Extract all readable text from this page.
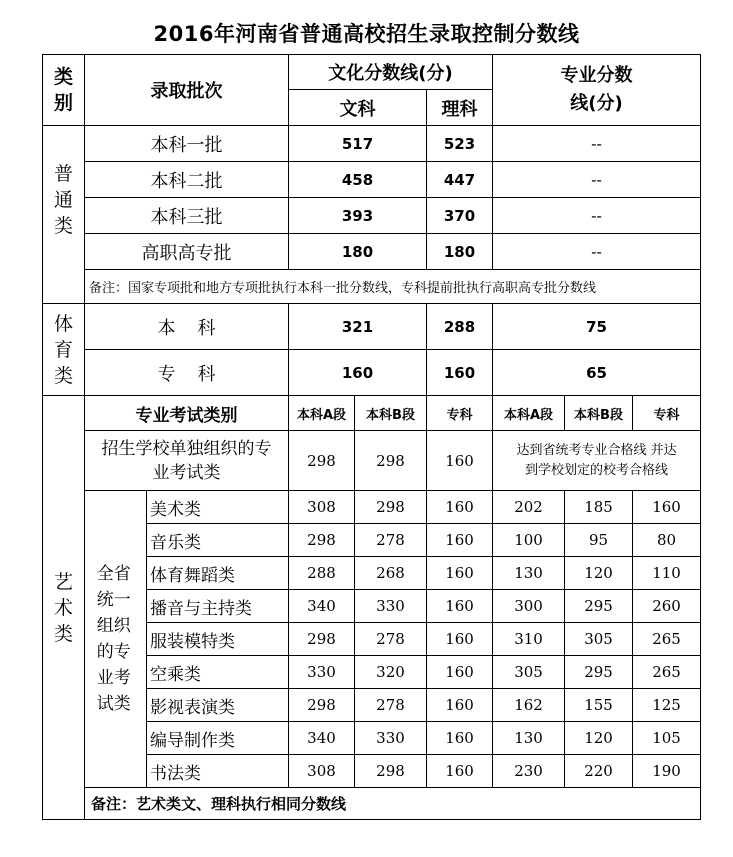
2016年河南省普通高校招生录取控制分数线
类别	录取批次		文化分数线(分)			专业分数线(分)		
			文科		理科			

普通类	本科一批		517		523	--		
	本科二批		458		447	--		
	本科三批		393		370	--		
	高职高专批		180		180	--		
	备注：国家专项批和地方专项批执行本科一批分数线，专科提前批执行高职高专批分数线							

体育类	本科		321		288	75		
	专科		160		160	65		

艺术类	专业考试类别		本科A段	本科B段	专科	本科A段	本科B段	专科

	招生学校单独组织的专业考试类		298	298	160	达到省统考专业合格线 并达到学校划定的校考合格线		

	全省统一组织的专业考试类	美术类	308	298	160	202	185	160
		音乐类	298	278	160	100	95	80
		体育舞蹈类	288	268	160	130	120	110
		播音与主持类	340	330	160	300	295	260
		服装模特类	298	278	160	310	305	265
		空乘类	330	320	160	305	295	265
		影视表演类	298	278	160	162	155	125
		编导制作类	340	330	160	130	120	105
		书法类	308	298	160	230	220	190
	备注：艺术类文、理科执行相同分数线							
